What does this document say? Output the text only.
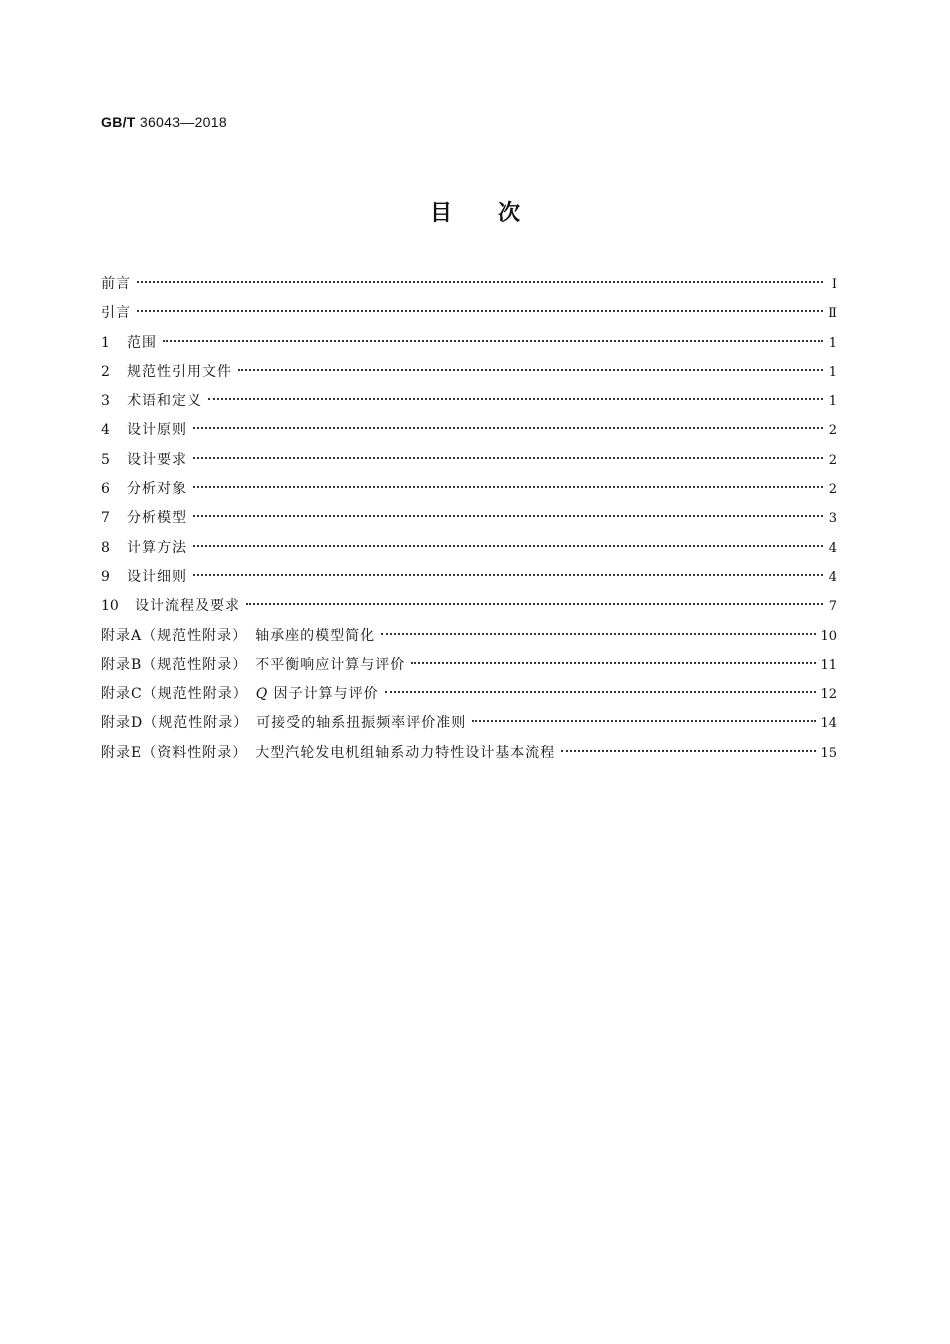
GB/T 36043—2018
目次
前言	Ⅰ
引言	Ⅱ
1	范围	1
2	规范性引用文件	1
3	术语和定义	1
4	设计原则	2
5	设计要求	2
6	分析对象	2
7	分析模型	3
8	计算方法	4
9	设计细则	4
10	设计流程及要求	7
附录A（规范性附录）　轴承座的模型简化	10
附录B（规范性附录）　不平衡响应计算与评价	11
附录C（规范性附录）　Q 因子计算与评价	12
附录D（规范性附录）　可接受的轴系扭振频率评价准则	14
附录E（资料性附录）　大型汽轮发电机组轴系动力特性设计基本流程	15
